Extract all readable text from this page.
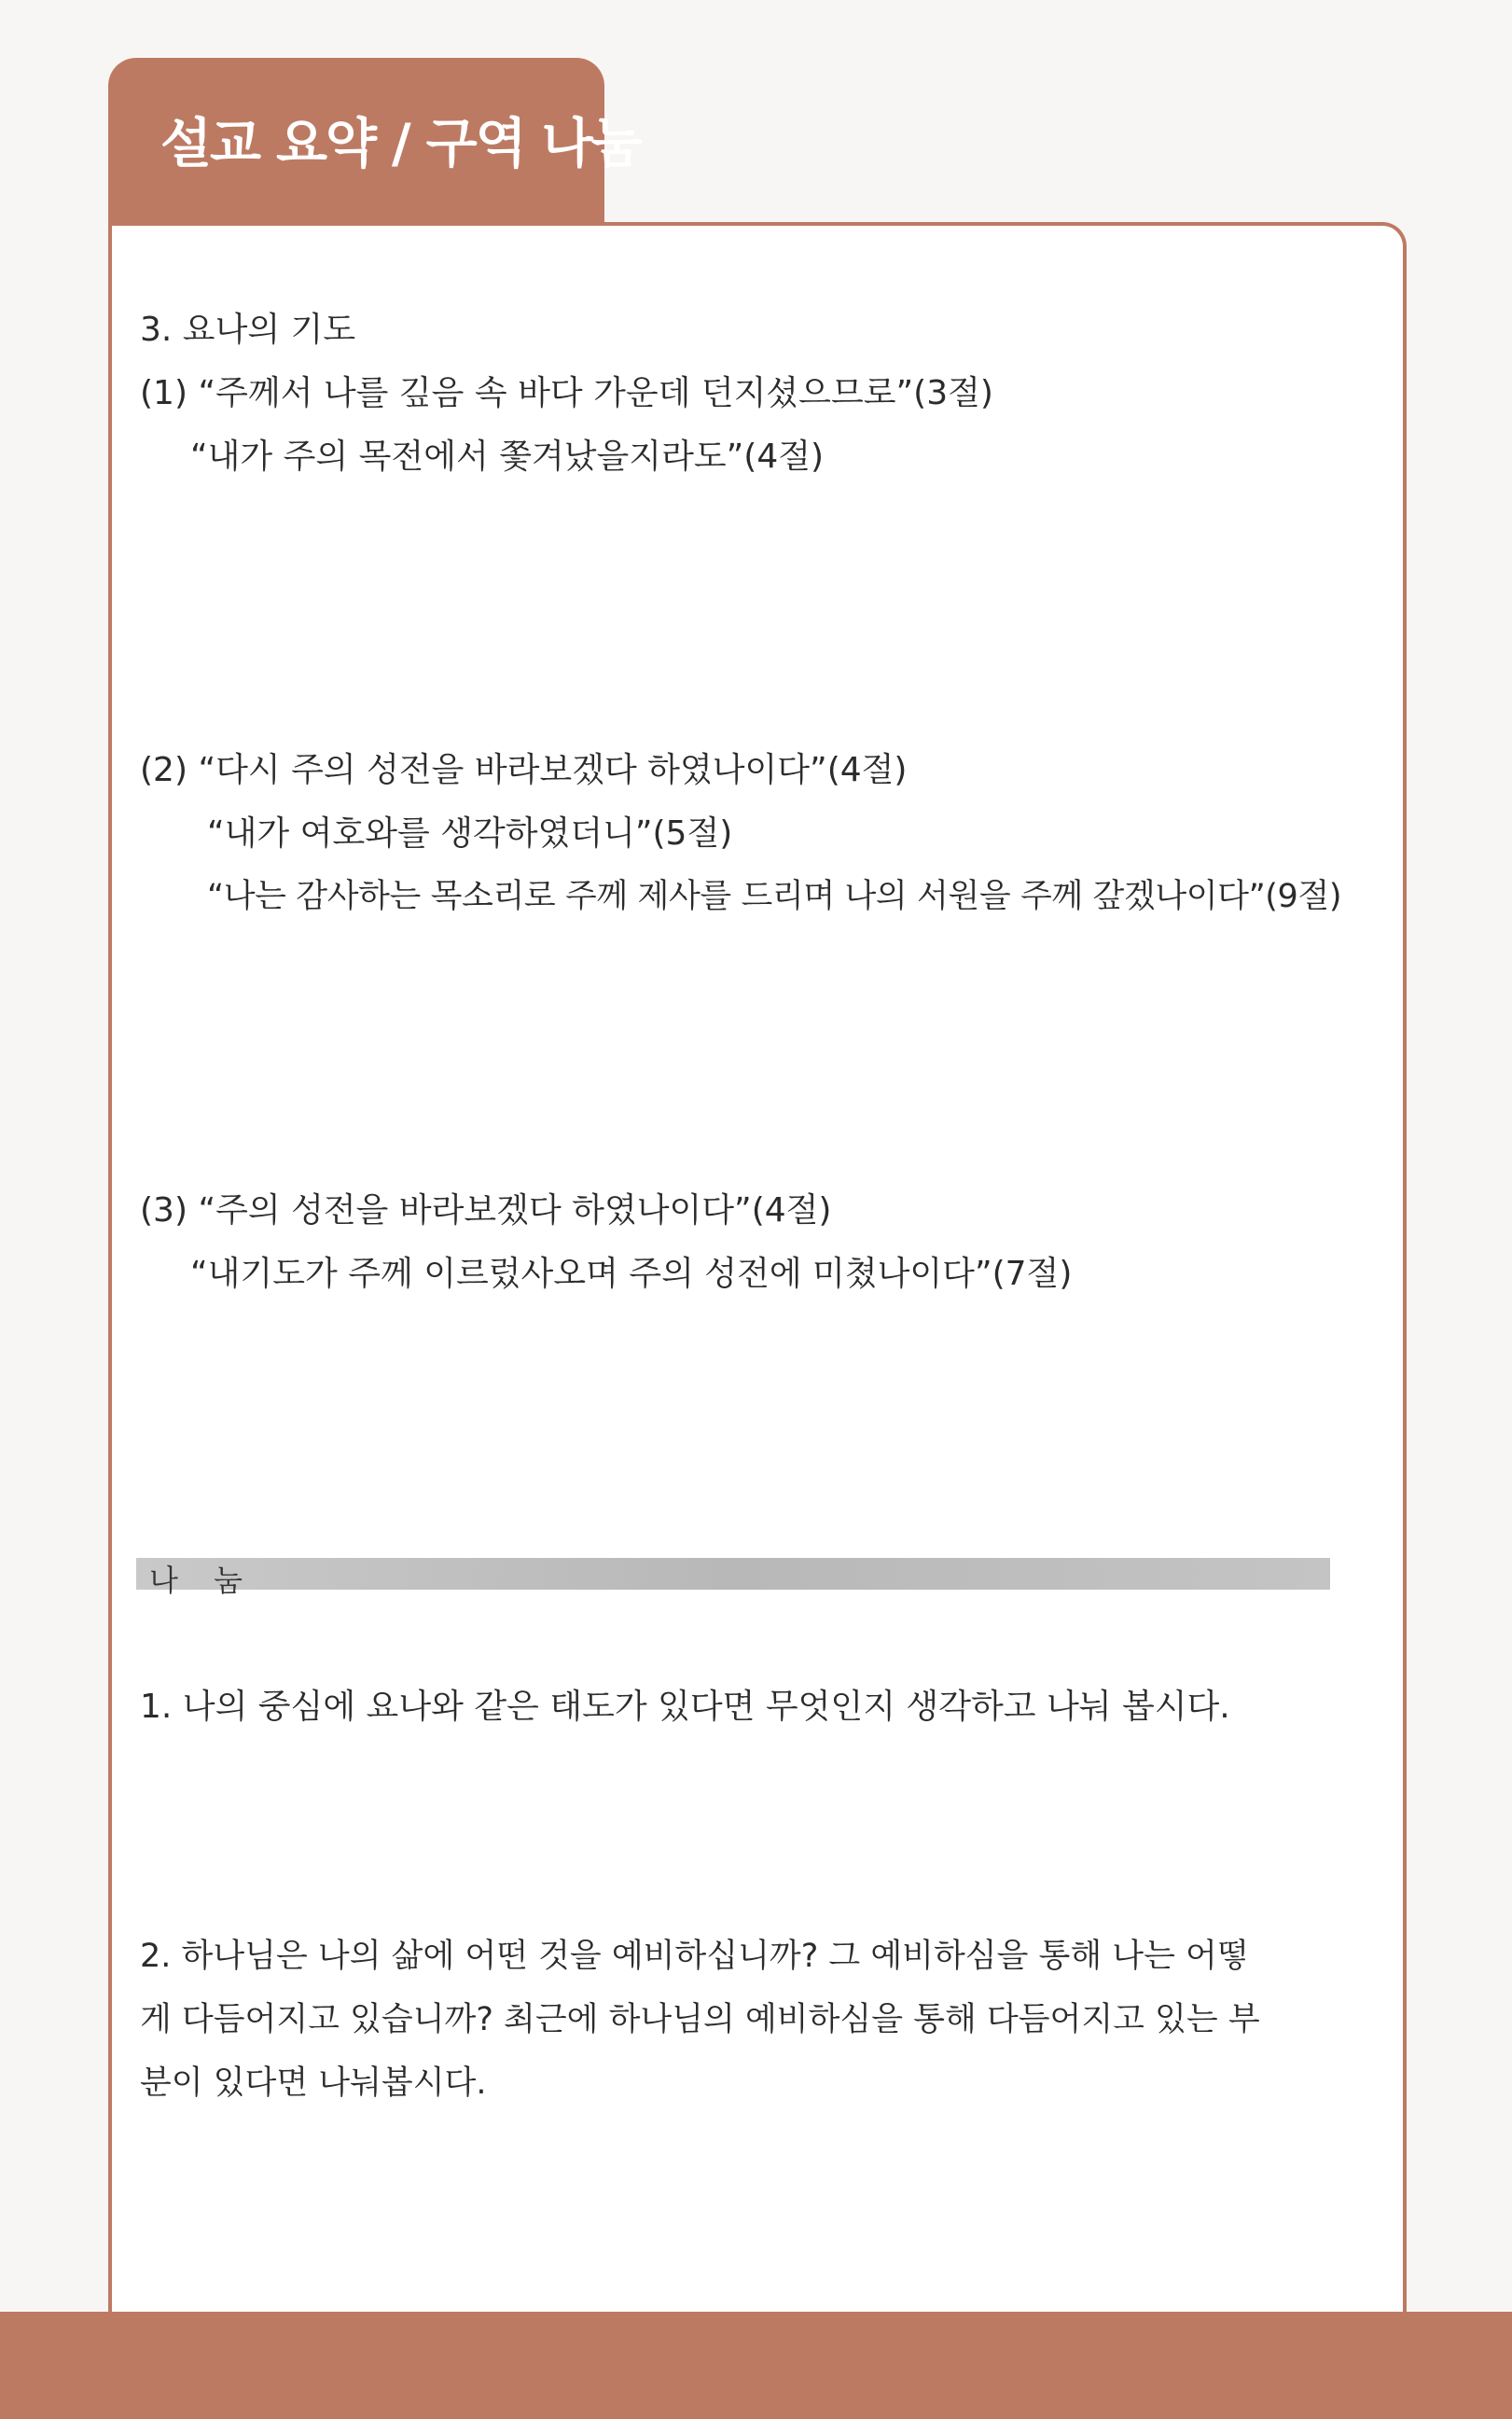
설교 요약 / 구역 나눔

3. 요나의 기도

(1) “주께서 나를 깊음 속 바다 가운데 던지셨으므로”(3절)

“내가 주의 목전에서 쫓겨났을지라도”(4절)

(2) “다시 주의 성전을 바라보겠다 하였나이다”(4절)

“내가 여호와를 생각하였더니”(5절)

“나는 감사하는 목소리로 주께 제사를 드리며 나의 서원을 주께 갚겠나이다”(9절)

(3) “주의 성전을 바라보겠다 하였나이다”(4절)

“내기도가 주께 이르렀사오며 주의 성전에 미쳤나이다”(7절)

나 눔

1. 나의 중심에 요나와 같은 태도가 있다면 무엇인지 생각하고 나눠 봅시다.

2. 하나님은 나의 삶에 어떤 것을 예비하십니까? 그 예비하심을 통해 나는 어떻

게 다듬어지고 있습니까? 최근에 하나님의 예비하심을 통해 다듬어지고 있는 부

분이 있다면 나눠봅시다.
